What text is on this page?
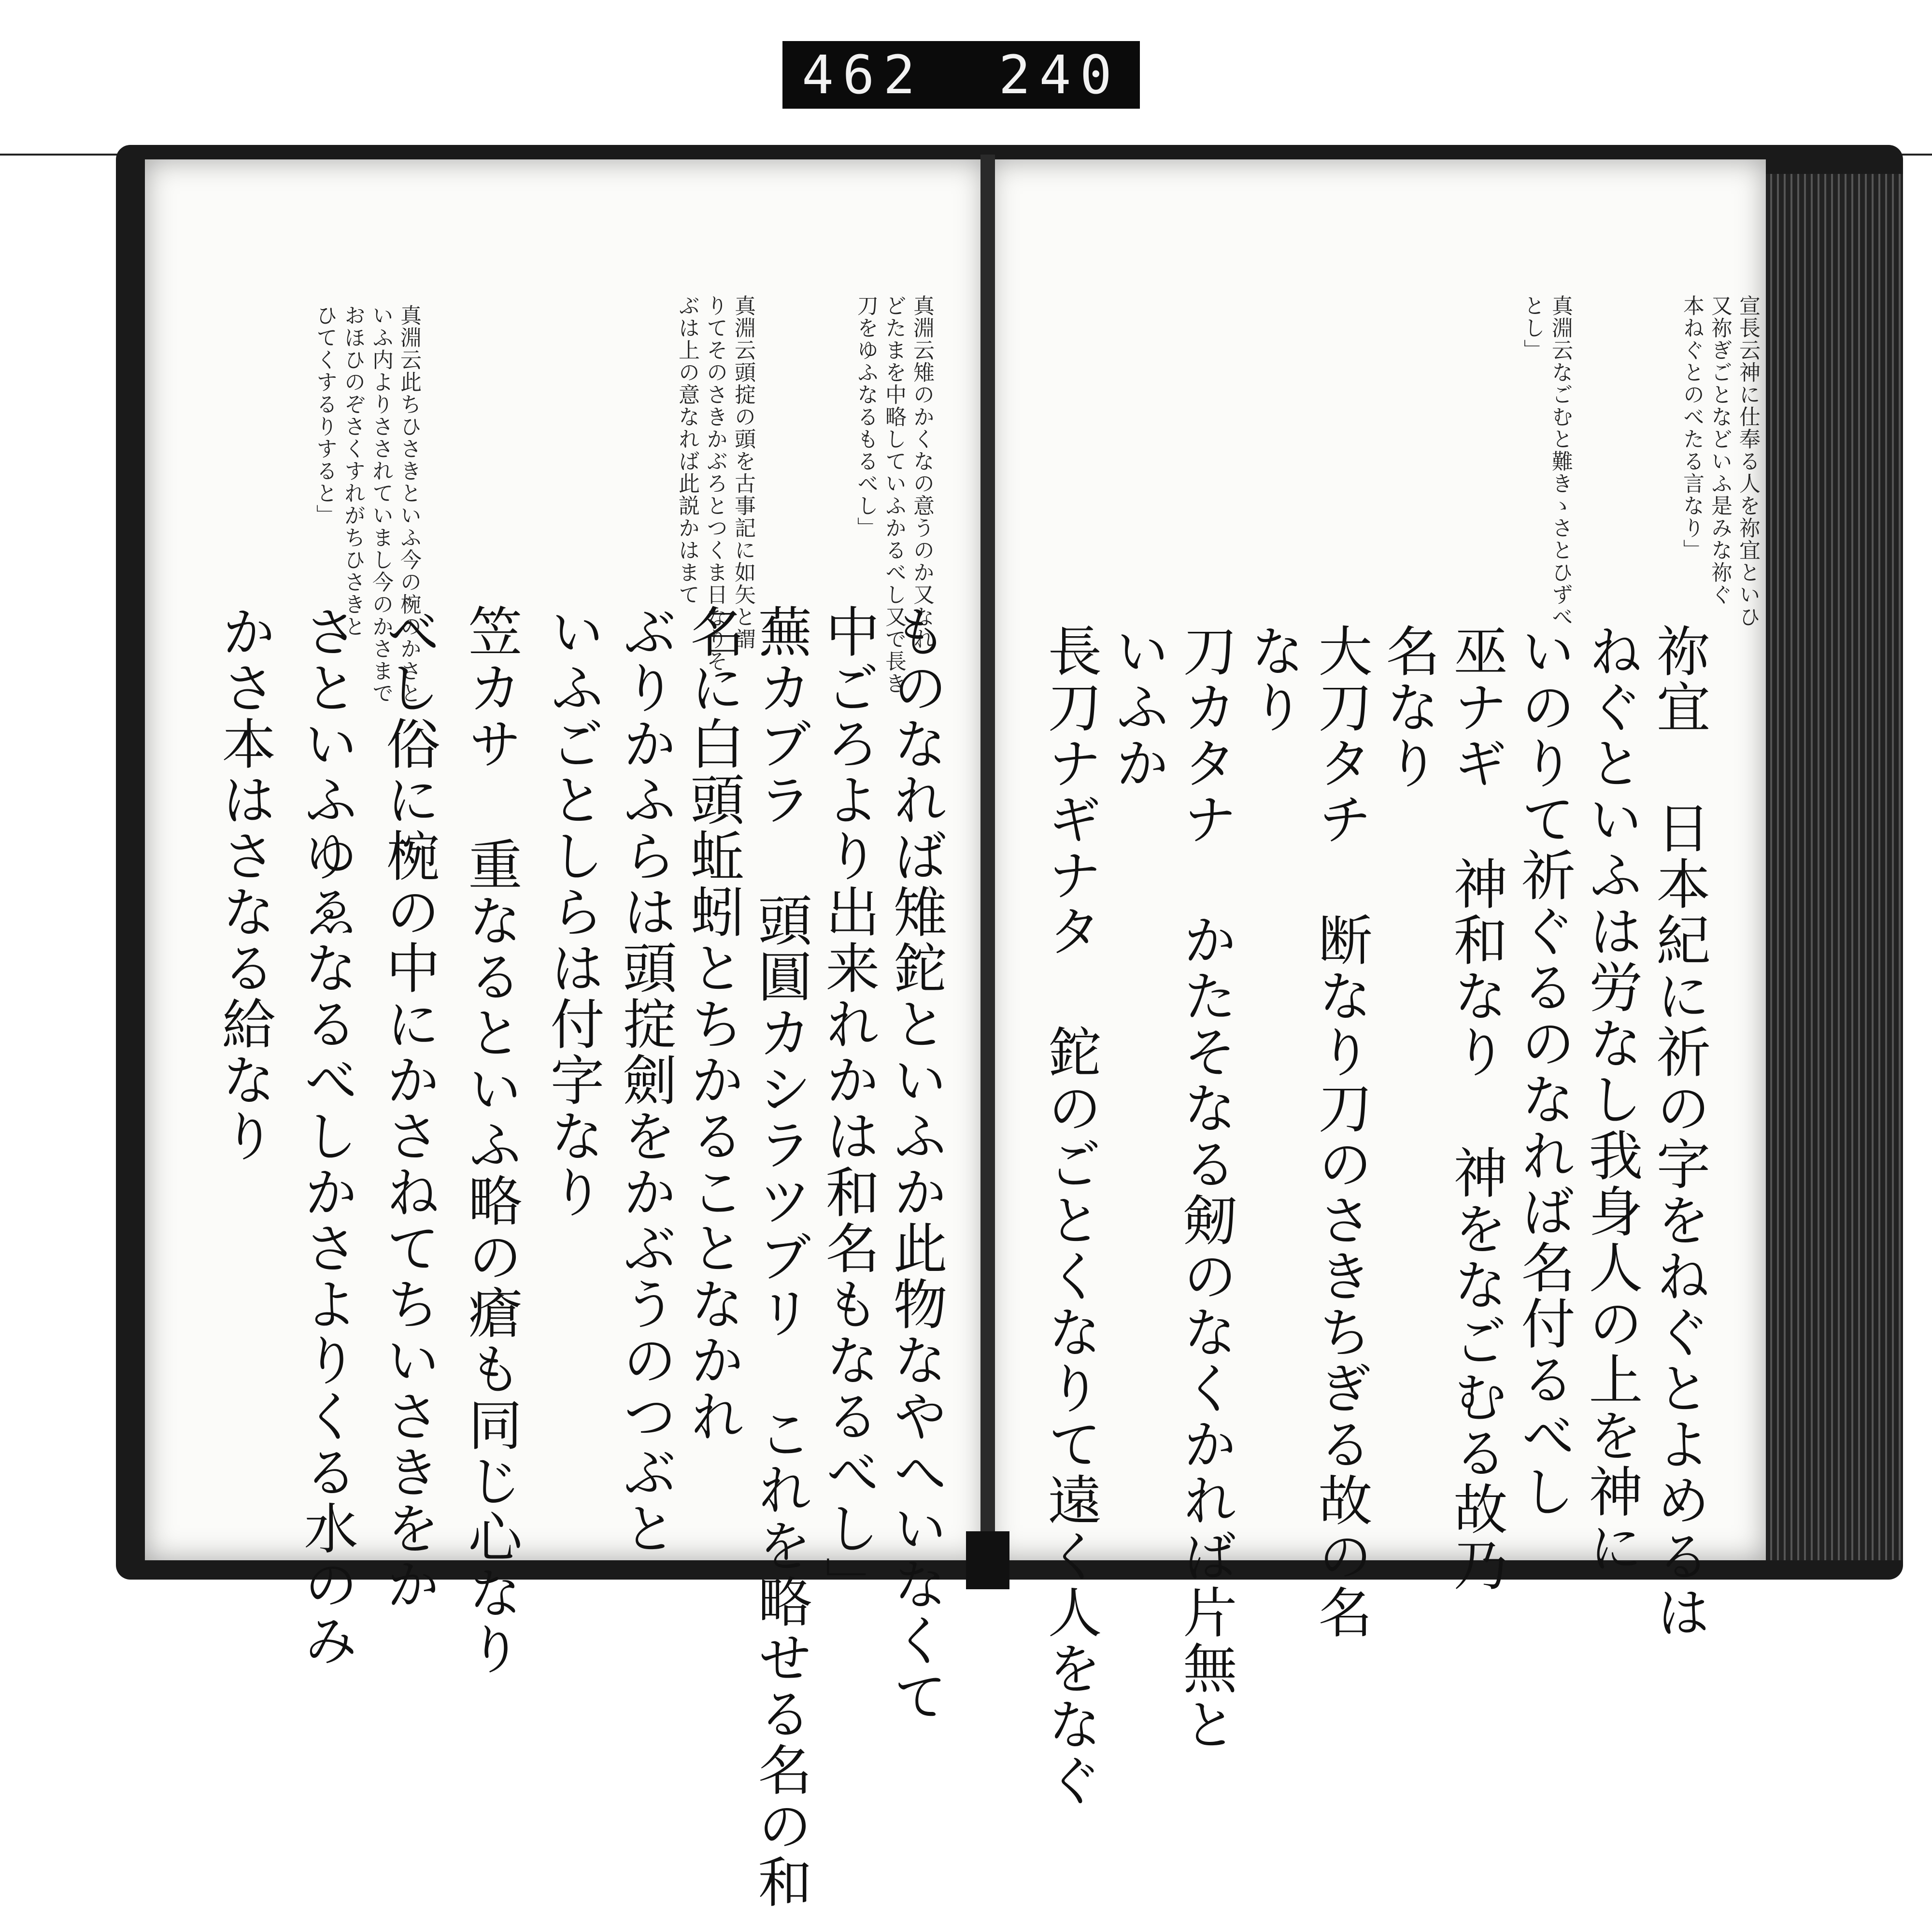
462 240
宣長云神に仕奉る人を祢宜といひ
又祢ぎごとなどいふ是みな祢ぐ
本ねぐとのべたる言なり」
真淵云なごむと難きゝさとひずべ
とし」
祢宜 日本紀に祈の字をねぐとよめるは
ねぐといふは労なし我身人の上を神に
いのりて祈ぐるのなれば名付るべし
巫ナギ 神和なり 神をなごむる故乃
名なり
大刀タチ 断なり刀のさきちぎる故の名
なり
刀カタナ かたそなる剱のなくかれば片無と
いふか
長刀ナギナタ 鉈のごとくなりて遠く人をなぐ
真淵云雉のかくなの意うのか又なれ
どたまを中略していふかるべし又で長き
刀をゆふなるもるべし」
真淵云頭掟の頭を古事記に如矢と謂
りてそのさきかぶろとつくま日なりそ
ぶは上の意なれば此説かはまて
真淵云此ちひさきといふ今の椀のかさと
いふ内よりさされていまし今のかさまで
おほひのぞさくすれがちひさきと
ひてくするりすると」
ものなれば雉鉈といふか此物なやへいなくて
中ごろより出来れかは和名もなるべし」
蕪カブラ 頭圓カシラツブリ これを略せる名の和
名に白頭蚯蚓とちかることなかれ
ぶりかふらは頭掟劍をかぶうのつぶと
いふごとしらは付字なり
笠カサ 重なるといふ略の瘡も同じ心なり
べし俗に椀の中にかさねてちいさきをか
さといふゆゑなるべしかさよりくる水のみ
かさ本はさなる給なり
